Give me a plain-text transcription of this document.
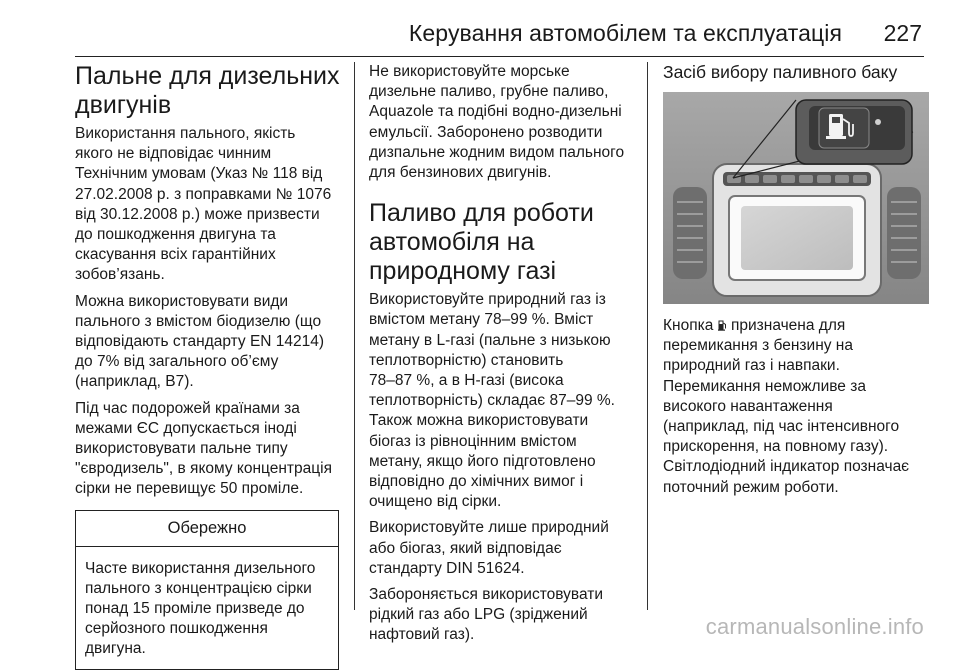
Керування автомобілем та експлуатація 227
Пальне для дизельних
двигунів

Використання пального, якість
якого не відповідає чинним
Технічним умовам (Указ № 118 від
27.02.2008 р. з поправками № 1076
від 30.12.2008 р.) може призвести
до пошкодження двигуна та
скасування всіх гарантійних
зобов’язань.

Можна використовувати види
пального з вмістом біодизелю (що
відповідають стандарту EN 14214)
до 7% від загального об’єму
(наприклад, B7).

Під час подорожей країнами за
межами ЄС допускається іноді
використовувати пальне типу
"євродизель", в якому концентрація
сірки не перевищує 50 проміле.

Обережно
Часте використання дизельного
пального з концентрацією сірки
понад 15 проміле призведе до
серйозного пошкодження
двигуна.

Не використовуйте морське
дизельне паливо, грубне паливо,
Aquazole та подібні водно-дизельні
емульсії. Заборонено розводити
дизпальне жодним видом пального
для бензинових двигунів.

Паливо для роботи
автомобіля на
природному газі

Використовуйте природний газ із
вмістом метану 78–99 %. Вміст
метану в L-газі (пальне з низькою
теплотворністю) становить
78–87 %, а в H-газі (висока
теплотворність) складає 87–99 %.
Також можна використовувати
біогаз із рівноцінним вмістом
метану, якщо його підготовлено
відповідно до хімічних вимог і
очищено від сірки.

Використовуйте лише природний
або біогаз, який відповідає
стандарту DIN 51624.

Забороняється використовувати
рідкий газ або LPG (зріджений
нафтовий газ).

Засіб вибору паливного баку

Кнопка  призначена для
перемикання з бензину на
природний газ і навпаки.
Перемикання неможливе за
високого навантаження
(наприклад, під час інтенсивного
прискорення, на повному газу).
Світлодіодний індикатор позначає
поточний режим роботи.

carmanualsonline.info
